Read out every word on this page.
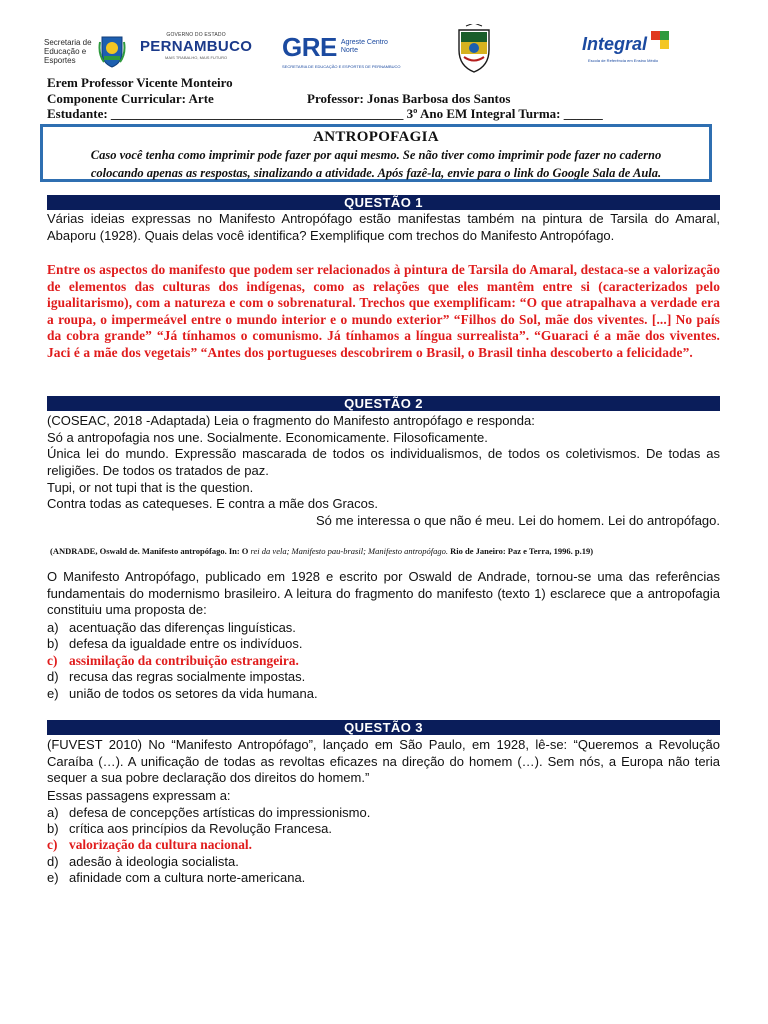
Secretaria de Educação e Esportes
GOVERNO DO ESTADO
PERNAMBUCO
MAIS TRABALHO, MAIS FUTURO GRE Agreste Centro Norte
SECRETARIA DE EDUCAÇÃO E ESPORTES DE PERNAMBUCO
Integral
Escola de Referência em Ensino Médio
Erem Professor Vicente Monteiro
Componente Curricular: Arte	Professor: Jonas Barbosa dos Santos
Estudante: _____________________________________________ 3º Ano EM Integral Turma: ______
ANTROPOFAGIA
Caso você tenha como imprimir pode fazer por aqui mesmo. Se não tiver como imprimir pode fazer no caderno
colocando apenas as respostas, sinalizando a atividade. Após fazê-la, envie para o link do Google Sala de Aula.
QUESTÃO 1
Várias ideias expressas no Manifesto Antropófago estão manifestas também na pintura de Tarsila do Amaral, Abaporu (1928). Quais delas você identifica? Exemplifique com trechos do Manifesto Antropófago.
Entre os aspectos do manifesto que podem ser relacionados à pintura de Tarsila do Amaral, destaca-se a valorização de elementos das culturas dos indígenas, como as relações que eles mantêm entre si (caracterizados pelo igualitarismo), com a natureza e com o sobrenatural. Trechos que exemplificam: “O que atrapalhava a verdade era a roupa, o impermeável entre o mundo interior e o mundo exterior” “Filhos do Sol, mãe dos viventes. [...] No país da cobra grande” “Já tínhamos o comunismo. Já tínhamos a língua surrealista”. “Guaraci é a mãe dos viventes. Jaci é a mãe dos vegetais” “Antes dos portugueses descobrirem o Brasil, o Brasil tinha descoberto a felicidade”.
QUESTÃO 2
(COSEAC, 2018 -Adaptada) Leia o fragmento do Manifesto antropófago e responda:
Só a antropofagia nos une. Socialmente. Economicamente. Filosoficamente.
Única lei do mundo. Expressão mascarada de todos os individualismos, de todos os coletivismos. De todas as religiões. De todos os tratados de paz.
Tupi, or not tupi that is the question.
Contra todas as catequeses. E contra a mãe dos Gracos.
Só me interessa o que não é meu. Lei do homem. Lei do antropófago.
(ANDRADE, Oswald de. Manifesto antropófago. In: O rei da vela; Manifesto pau-brasil; Manifesto antropófago. Rio de Janeiro: Paz e Terra, 1996. p.19)
O Manifesto Antropófago, publicado em 1928 e escrito por Oswald de Andrade, tornou-se uma das referências fundamentais do modernismo brasileiro. A leitura do fragmento do manifesto (texto 1) esclarece que a antropofagia constituiu uma proposta de:
a) acentuação das diferenças linguísticas.
b) defesa da igualdade entre os indivíduos.
c) assimilação da contribuição estrangeira.
d) recusa das regras socialmente impostas.
e) união de todos os setores da vida humana.
QUESTÃO 3
(FUVEST 2010) No “Manifesto Antropófago”, lançado em São Paulo, em 1928, lê-se: “Queremos a Revolução Caraíba (…). A unificação de todas as revoltas eficazes na direção do homem (…). Sem nós, a Europa não teria sequer a sua pobre declaração dos direitos do homem.”
Essas passagens expressam a:
a) defesa de concepções artísticas do impressionismo.
b) crítica aos princípios da Revolução Francesa.
c) valorização da cultura nacional.
d) adesão à ideologia socialista.
e) afinidade com a cultura norte-americana.
